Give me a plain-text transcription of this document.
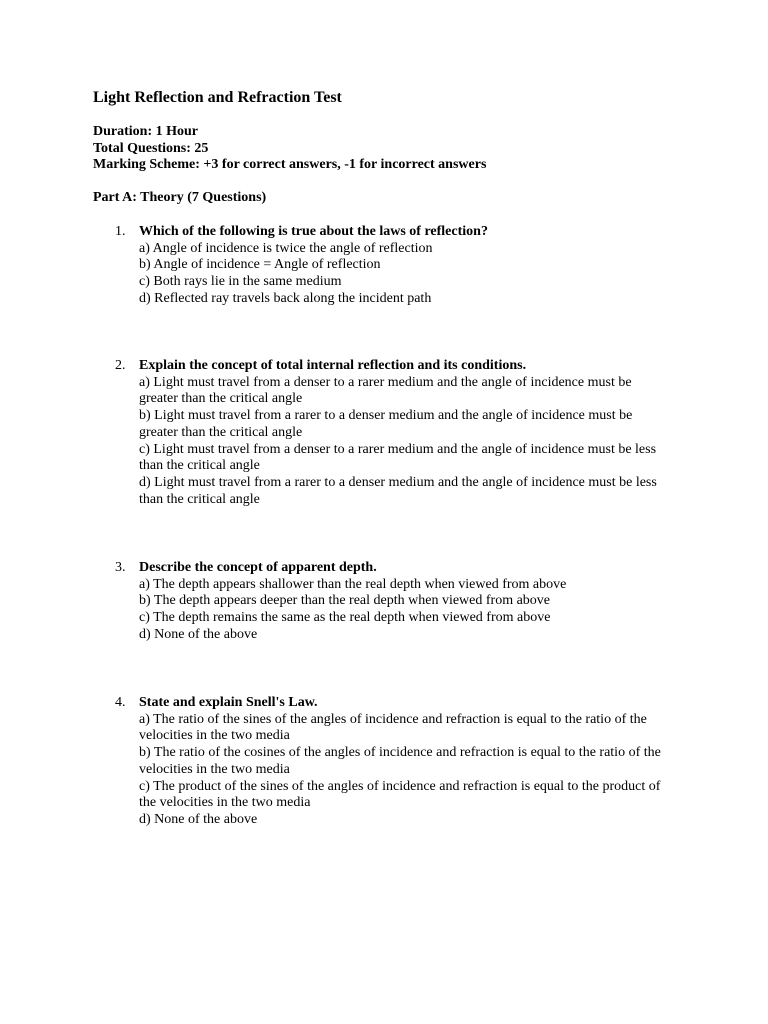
Light Reflection and Refraction Test
Duration: 1 Hour
Total Questions: 25
Marking Scheme: +3 for correct answers, -1 for incorrect answers
Part A: Theory (7 Questions)
1. Which of the following is true about the laws of reflection?
a) Angle of incidence is twice the angle of reflection
b) Angle of incidence = Angle of reflection
c) Both rays lie in the same medium
d) Reflected ray travels back along the incident path
2. Explain the concept of total internal reflection and its conditions.
a) Light must travel from a denser to a rarer medium and the angle of incidence must be greater than the critical angle
b) Light must travel from a rarer to a denser medium and the angle of incidence must be greater than the critical angle
c) Light must travel from a denser to a rarer medium and the angle of incidence must be less than the critical angle
d) Light must travel from a rarer to a denser medium and the angle of incidence must be less than the critical angle
3. Describe the concept of apparent depth.
a) The depth appears shallower than the real depth when viewed from above
b) The depth appears deeper than the real depth when viewed from above
c) The depth remains the same as the real depth when viewed from above
d) None of the above
4. State and explain Snell's Law.
a) The ratio of the sines of the angles of incidence and refraction is equal to the ratio of the velocities in the two media
b) The ratio of the cosines of the angles of incidence and refraction is equal to the ratio of the velocities in the two media
c) The product of the sines of the angles of incidence and refraction is equal to the product of the velocities in the two media
d) None of the above
